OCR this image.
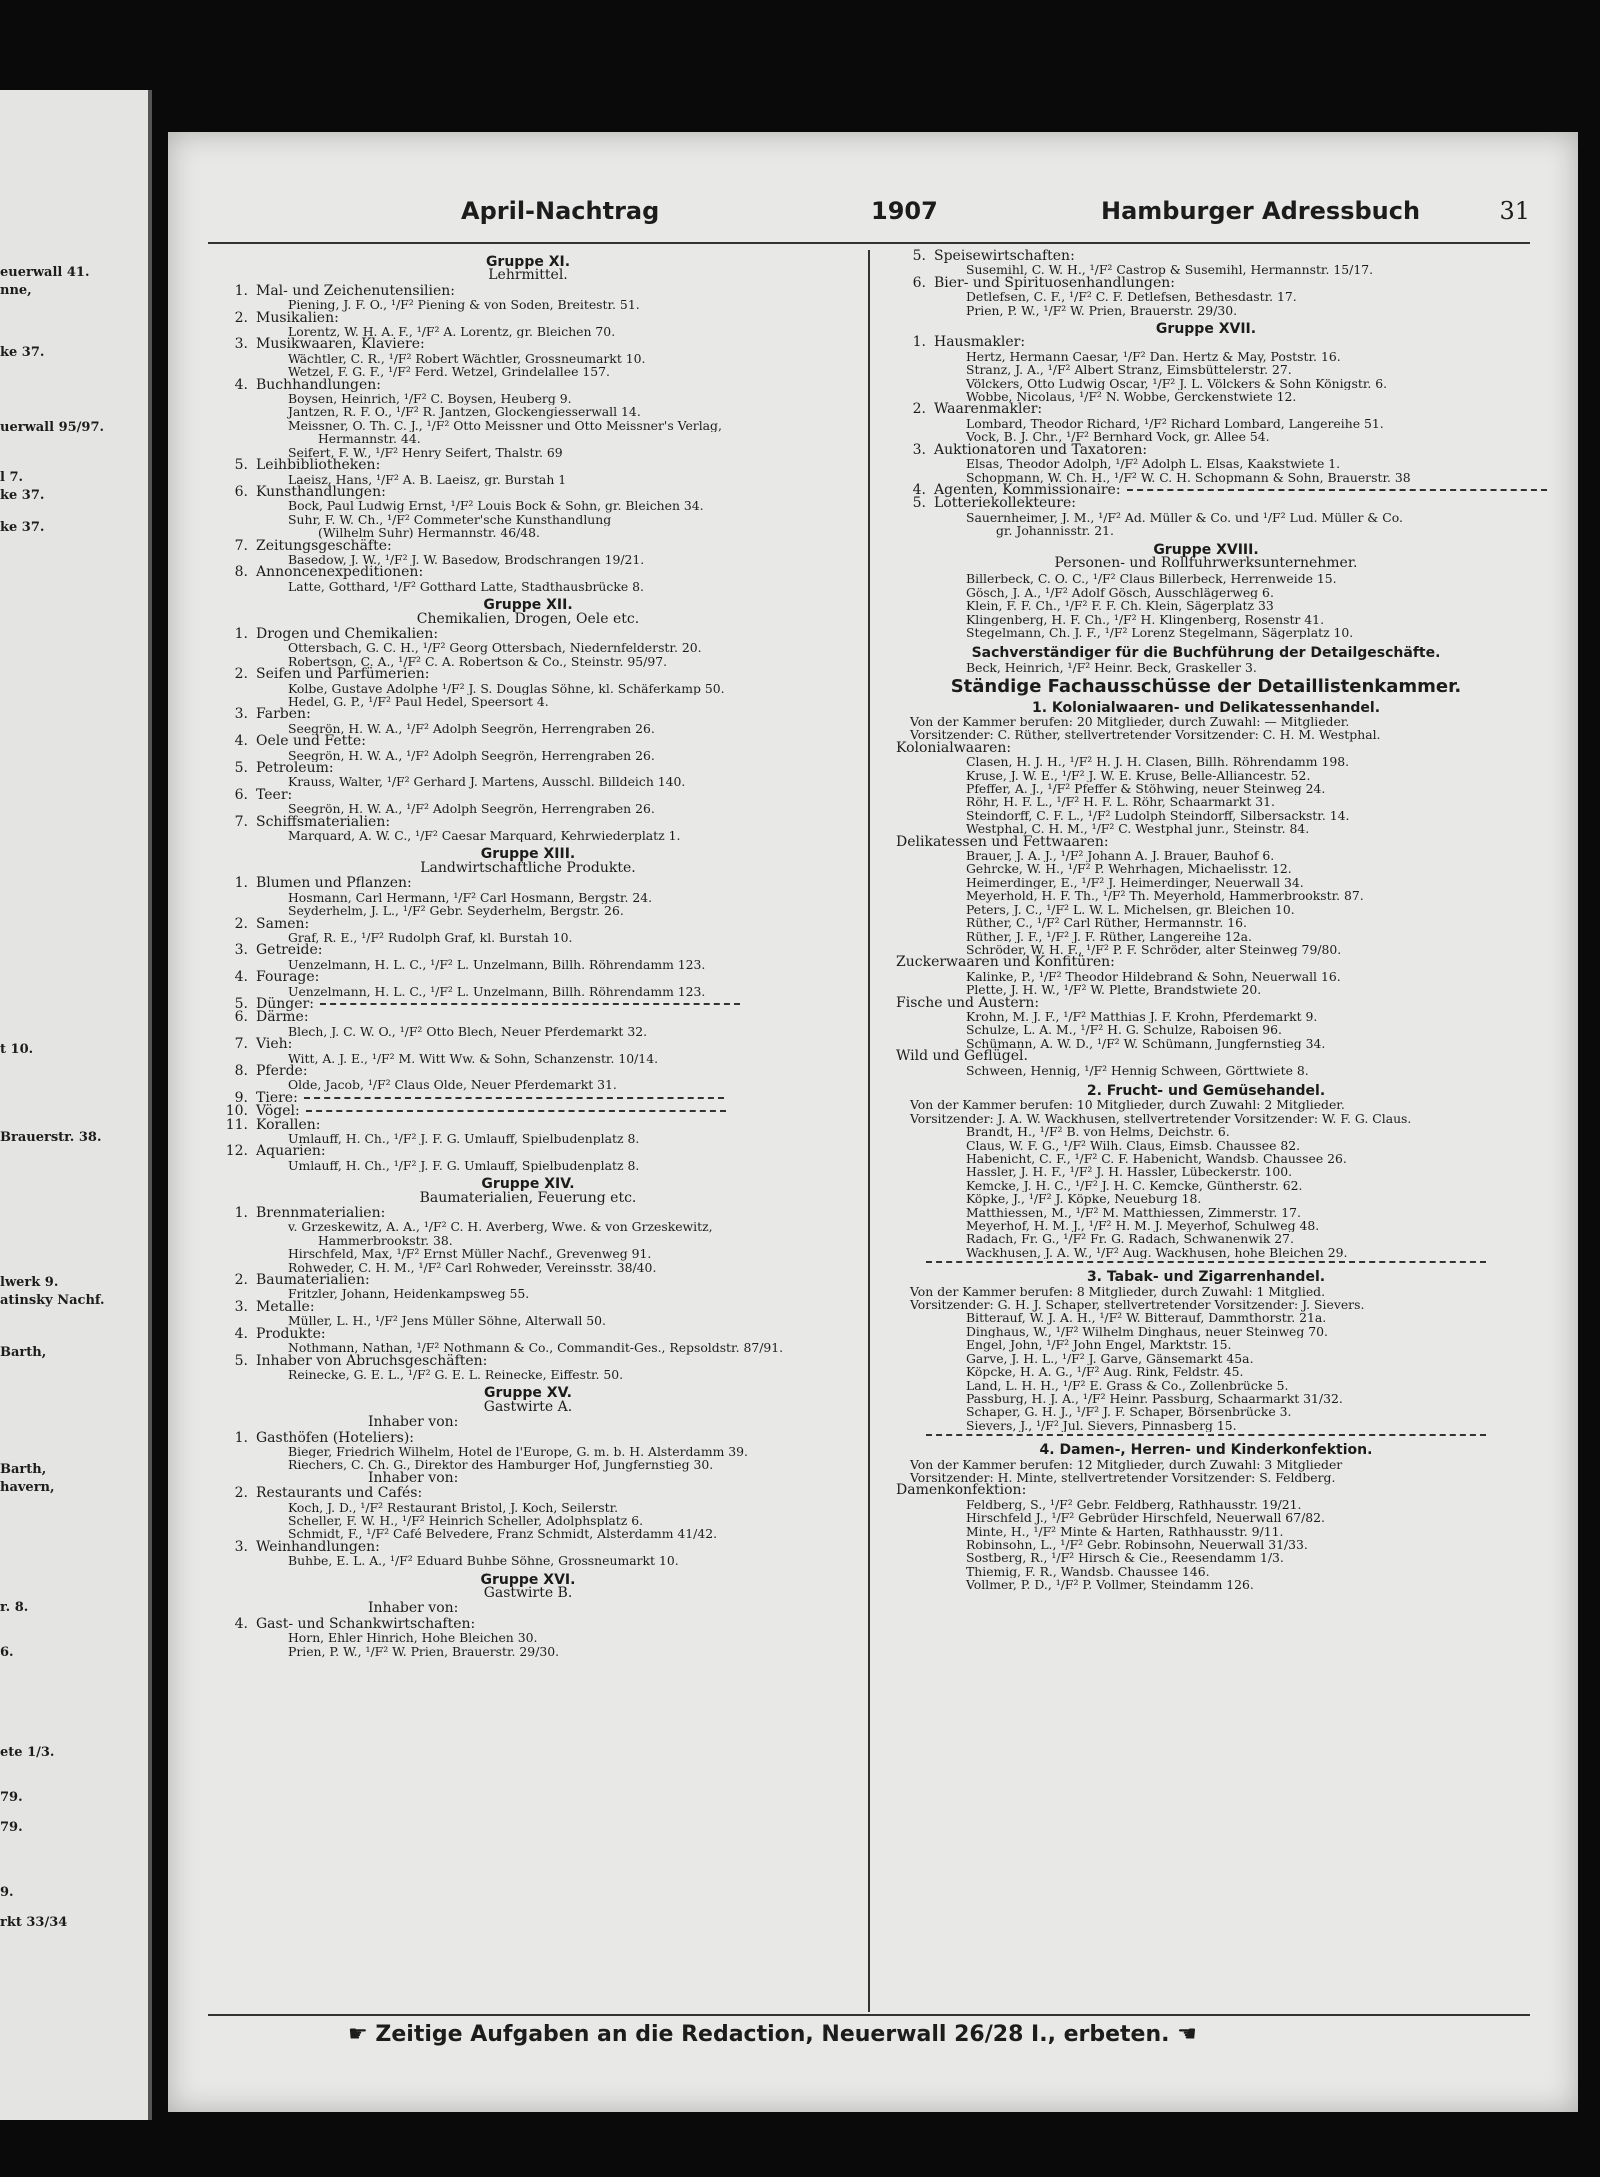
euerwall 41.
nne,
ke 37.
uerwall 95/97.
l 7.
ke 37.
ke 37.
t 10.
Brauerstr. 38.
lwerk 9.
atinsky Nachf.
Barth,
Barth,
havern,
r. 8.
6.
ete 1/3.
79.
79.
9.
rkt 33/34
April-Nachtrag	1907	Hamburger Adressbuch	31
Gruppe XI.
Lehrmittel.
1. Mal- und Zeichenutensilien:
Piening, J. F. O., ¹/F² Piening & von Soden, Breitestr. 51.
2. Musikalien:
Lorentz, W. H. A. F., ¹/F² A. Lorentz, gr. Bleichen 70.
3. Musikwaaren, Klaviere:
Wächtler, C. R., ¹/F² Robert Wächtler, Grossneumarkt 10.
Wetzel, F. G. F., ¹/F² Ferd. Wetzel, Grindelallee 157.
4. Buchhandlungen:
Boysen, Heinrich, ¹/F² C. Boysen, Heuberg 9.
Jantzen, R. F. O., ¹/F² R. Jantzen, Glockengiesserwall 14.
Meissner, O. Th. C. J., ¹/F² Otto Meissner und Otto Meissner's Verlag,
Hermannstr. 44.
Seifert, F. W., ¹/F² Henry Seifert, Thalstr. 69
5. Leihbibliotheken:
Laeisz, Hans, ¹/F² A. B. Laeisz, gr. Burstah 1
6. Kunsthandlungen:
Bock, Paul Ludwig Ernst, ¹/F² Louis Bock & Sohn, gr. Bleichen 34.
Suhr, F. W. Ch., ¹/F² Commeter'sche Kunsthandlung
(Wilhelm Suhr) Hermannstr. 46/48.
7. Zeitungsgeschäfte:
Basedow, J. W., ¹/F² J. W. Basedow, Brodschrangen 19/21.
8. Annoncenexpeditionen:
Latte, Gotthard, ¹/F² Gotthard Latte, Stadthausbrücke 8.
Gruppe XII.
Chemikalien, Drogen, Oele etc.
1. Drogen und Chemikalien:
Ottersbach, G. C. H., ¹/F² Georg Ottersbach, Niedernfelderstr. 20.
Robertson, C. A., ¹/F² C. A. Robertson & Co., Steinstr. 95/97.
2. Seifen und Parfümerien:
Kolbe, Gustave Adolphe ¹/F² J. S. Douglas Söhne, kl. Schäferkamp 50.
Hedel, G. P., ¹/F² Paul Hedel, Speersort 4.
3. Farben:
Seegrön, H. W. A., ¹/F² Adolph Seegrön, Herrengraben 26.
4. Oele und Fette:
Seegrön, H. W. A., ¹/F² Adolph Seegrön, Herrengraben 26.
5. Petroleum:
Krauss, Walter, ¹/F² Gerhard J. Martens, Ausschl. Billdeich 140.
6. Teer:
Seegrön, H. W. A., ¹/F² Adolph Seegrön, Herrengraben 26.
7. Schiffsmaterialien:
Marquard, A. W. C., ¹/F² Caesar Marquard, Kehrwiederplatz 1.
Gruppe XIII.
Landwirtschaftliche Produkte.
1. Blumen und Pflanzen:
Hosmann, Carl Hermann, ¹/F² Carl Hosmann, Bergstr. 24.
Seyderhelm, J. L., ¹/F² Gebr. Seyderhelm, Bergstr. 26.
2. Samen:
Graf, R. E., ¹/F² Rudolph Graf, kl. Burstah 10.
3. Getreide:
Uenzelmann, H. L. C., ¹/F² L. Unzelmann, Billh. Röhrendamm 123.
4. Fourage:
Uenzelmann, H. L. C., ¹/F² L. Unzelmann, Billh. Röhrendamm 123.
5. Dünger:
6. Därme:
Blech, J. C. W. O., ¹/F² Otto Blech, Neuer Pferdemarkt 32.
7. Vieh:
Witt, A. J. E., ¹/F² M. Witt Ww. & Sohn, Schanzenstr. 10/14.
8. Pferde:
Olde, Jacob, ¹/F² Claus Olde, Neuer Pferdemarkt 31.
9. Tiere:
10. Vögel:
11. Korallen:
Umlauff, H. Ch., ¹/F² J. F. G. Umlauff, Spielbudenplatz 8.
12. Aquarien:
Umlauff, H. Ch., ¹/F² J. F. G. Umlauff, Spielbudenplatz 8.
Gruppe XIV.
Baumaterialien, Feuerung etc.
1. Brennmaterialien:
v. Grzeskewitz, A. A., ¹/F² C. H. Averberg, Wwe. & von Grzeskewitz,
Hammerbrookstr. 38.
Hirschfeld, Max, ¹/F² Ernst Müller Nachf., Grevenweg 91.
Rohweder, C. H. M., ¹/F² Carl Rohweder, Vereinsstr. 38/40.
2. Baumaterialien:
Fritzler, Johann, Heidenkampsweg 55.
3. Metalle:
Müller, L. H., ¹/F² Jens Müller Söhne, Alterwall 50.
4. Produkte:
Nothmann, Nathan, ¹/F² Nothmann & Co., Commandit-Ges., Repsoldstr. 87/91.
5. Inhaber von Abruchsgeschäften:
Reinecke, G. E. L., ¹/F² G. E. L. Reinecke, Eiffestr. 50.
Gruppe XV.
Gastwirte A.
Inhaber von:
1. Gasthöfen (Hoteliers):
Bieger, Friedrich Wilhelm, Hotel de l'Europe, G. m. b. H. Alsterdamm 39.
Riechers, C. Ch. G., Direktor des Hamburger Hof, Jungfernstieg 30.
Inhaber von:
2. Restaurants und Cafés:
Koch, J. D., ¹/F² Restaurant Bristol, J. Koch, Seilerstr.
Scheller, F. W. H., ¹/F² Heinrich Scheller, Adolphsplatz 6.
Schmidt, F., ¹/F² Café Belvedere, Franz Schmidt, Alsterdamm 41/42.
3. Weinhandlungen:
Buhbe, E. L. A., ¹/F² Eduard Buhbe Söhne, Grossneumarkt 10.
Gruppe XVI.
Gastwirte B.
Inhaber von:
4. Gast- und Schankwirtschaften:
Horn, Ehler Hinrich, Hohe Bleichen 30.
Prien, P. W., ¹/F² W. Prien, Brauerstr. 29/30.
5. Speisewirtschaften:
Susemihl, C. W. H., ¹/F² Castrop & Susemihl, Hermannstr. 15/17.
6. Bier- und Spirituosenhandlungen:
Detlefsen, C. F., ¹/F² C. F. Detlefsen, Bethesdastr. 17.
Prien, P. W., ¹/F² W. Prien, Brauerstr. 29/30.
Gruppe XVII.
1. Hausmakler:
Hertz, Hermann Caesar, ¹/F² Dan. Hertz & May, Poststr. 16.
Stranz, J. A., ¹/F² Albert Stranz, Eimsbüttelerstr. 27.
Völckers, Otto Ludwig Oscar, ¹/F² J. L. Völckers & Sohn Königstr. 6.
Wobbe, Nicolaus, ¹/F² N. Wobbe, Gerckenstwiete 12.
2. Waarenmakler:
Lombard, Theodor Richard, ¹/F² Richard Lombard, Langereihe 51.
Vock, B. J. Chr., ¹/F² Bernhard Vock, gr. Allee 54.
3. Auktionatoren und Taxatoren:
Elsas, Theodor Adolph, ¹/F² Adolph L. Elsas, Kaakstwiete 1.
Schopmann, W. Ch. H., ¹/F² W. C. H. Schopmann & Sohn, Brauerstr. 38
4. Agenten, Kommissionaire:
5. Lotteriekollekteure:
Sauernheimer, J. M., ¹/F² Ad. Müller & Co. und ¹/F² Lud. Müller & Co.
gr. Johannisstr. 21.
Gruppe XVIII.
Personen- und Rollfuhrwerksunternehmer.
Billerbeck, C. O. C., ¹/F² Claus Billerbeck, Herrenweide 15.
Gösch, J. A., ¹/F² Adolf Gösch, Ausschlägerweg 6.
Klein, F. F. Ch., ¹/F² F. F. Ch. Klein, Sägerplatz 33
Klingenberg, H. F. Ch., ¹/F² H. Klingenberg, Rosenstr 41.
Stegelmann, Ch. J. F., ¹/F² Lorenz Stegelmann, Sägerplatz 10.
Sachverständiger für die Buchführung der Detailgeschäfte.
Beck, Heinrich, ¹/F² Heinr. Beck, Graskeller 3.
Ständige Fachausschüsse der Detaillistenkammer.
1. Kolonialwaaren- und Delikatessenhandel.
Von der Kammer berufen: 20 Mitglieder, durch Zuwahl: — Mitglieder.
Vorsitzender: C. Rüther, stellvertretender Vorsitzender: C. H. M. Westphal.
Kolonialwaaren:
Clasen, H. J. H., ¹/F² H. J. H. Clasen, Billh. Röhrendamm 198.
Kruse, J. W. E., ¹/F² J. W. E. Kruse, Belle-Alliancestr. 52.
Pfeffer, A. J., ¹/F² Pfeffer & Stöhwing, neuer Steinweg 24.
Röhr, H. F. L., ¹/F² H. F. L. Röhr, Schaarmarkt 31.
Steindorff, C. F. L., ¹/F² Ludolph Steindorff, Silbersackstr. 14.
Westphal, C. H. M., ¹/F² C. Westphal junr., Steinstr. 84.
Delikatessen und Fettwaaren:
Brauer, J. A. J., ¹/F² Johann A. J. Brauer, Bauhof 6.
Gehrcke, W. H., ¹/F² P. Wehrhagen, Michaelisstr. 12.
Heimerdinger, E., ¹/F² J. Heimerdinger, Neuerwall 34.
Meyerhold, H. F. Th., ¹/F² Th. Meyerhold, Hammerbrookstr. 87.
Peters, J. C., ¹/F² L. W. L. Michelsen, gr. Bleichen 10.
Rüther, C., ¹/F² Carl Rüther, Hermannstr. 16.
Rüther, J. F., ¹/F² J. F. Rüther, Langereihe 12a.
Schröder, W. H. F., ¹/F² P. F. Schröder, alter Steinweg 79/80.
Zuckerwaaren und Konfitüren:
Kalinke, P., ¹/F² Theodor Hildebrand & Sohn, Neuerwall 16.
Plette, J. H. W., ¹/F² W. Plette, Brandstwiete 20.
Fische und Austern:
Krohn, M. J. F., ¹/F² Matthias J. F. Krohn, Pferdemarkt 9.
Schulze, L. A. M., ¹/F² H. G. Schulze, Raboisen 96.
Schümann, A. W. D., ¹/F² W. Schümann, Jungfernstieg 34.
Wild und Geflügel.
Schween, Hennig, ¹/F² Hennig Schween, Görttwiete 8.
2. Frucht- und Gemüsehandel.
Von der Kammer berufen: 10 Mitglieder, durch Zuwahl: 2 Mitglieder.
Vorsitzender: J. A. W. Wackhusen, stellvertretender Vorsitzender: W. F. G. Claus.
Brandt, H., ¹/F² B. von Helms, Deichstr. 6.
Claus, W. F. G., ¹/F² Wilh. Claus, Eimsb. Chaussee 82.
Habenicht, C. F., ¹/F² C. F. Habenicht, Wandsb. Chaussee 26.
Hassler, J. H. F., ¹/F² J. H. Hassler, Lübeckerstr. 100.
Kemcke, J. H. C., ¹/F² J. H. C. Kemcke, Güntherstr. 62.
Köpke, J., ¹/F² J. Köpke, Neueburg 18.
Matthiessen, M., ¹/F² M. Matthiessen, Zimmerstr. 17.
Meyerhof, H. M. J., ¹/F² H. M. J. Meyerhof, Schulweg 48.
Radach, Fr. G., ¹/F² Fr. G. Radach, Schwanenwik 27.
Wackhusen, J. A. W., ¹/F² Aug. Wackhusen, hohe Bleichen 29.
3. Tabak- und Zigarrenhandel.
Von der Kammer berufen: 8 Mitglieder, durch Zuwahl: 1 Mitglied.
Vorsitzender: G. H. J. Schaper, stellvertretender Vorsitzender: J. Sievers.
Bitterauf, W. J. A. H., ¹/F² W. Bitterauf, Dammthorstr. 21a.
Dinghaus, W., ¹/F² Wilhelm Dinghaus, neuer Steinweg 70.
Engel, John, ¹/F² John Engel, Marktstr. 15.
Garve, J. H. L., ¹/F² J. Garve, Gänsemarkt 45a.
Köpcke, H. A. G., ¹/F² Aug. Rink, Feldstr. 45.
Land, L. H. H., ¹/F² E. Grass & Co., Zollenbrücke 5.
Passburg, H. J. A., ¹/F² Heinr. Passburg, Schaarmarkt 31/32.
Schaper, G. H. J., ¹/F² J. F. Schaper, Börsenbrücke 3.
Sievers, J., ¹/F² Jul. Sievers, Pinnasberg 15.
4. Damen-, Herren- und Kinderkonfektion.
Von der Kammer berufen: 12 Mitglieder, durch Zuwahl: 3 Mitglieder
Vorsitzender: H. Minte, stellvertretender Vorsitzender: S. Feldberg.
Damenkonfektion:
Feldberg, S., ¹/F² Gebr. Feldberg, Rathhausstr. 19/21.
Hirschfeld J., ¹/F² Gebrüder Hirschfeld, Neuerwall 67/82.
Minte, H., ¹/F² Minte & Harten, Rathhausstr. 9/11.
Robinsohn, L., ¹/F² Gebr. Robinsohn, Neuerwall 31/33.
Sostberg, R., ¹/F² Hirsch & Cie., Reesendamm 1/3.
Thiemig, F. R., Wandsb. Chaussee 146.
Vollmer, P. D., ¹/F² P. Vollmer, Steindamm 126.
☛ Zeitige Aufgaben an die Redaction, Neuerwall 26/28 I., erbeten. ☚
